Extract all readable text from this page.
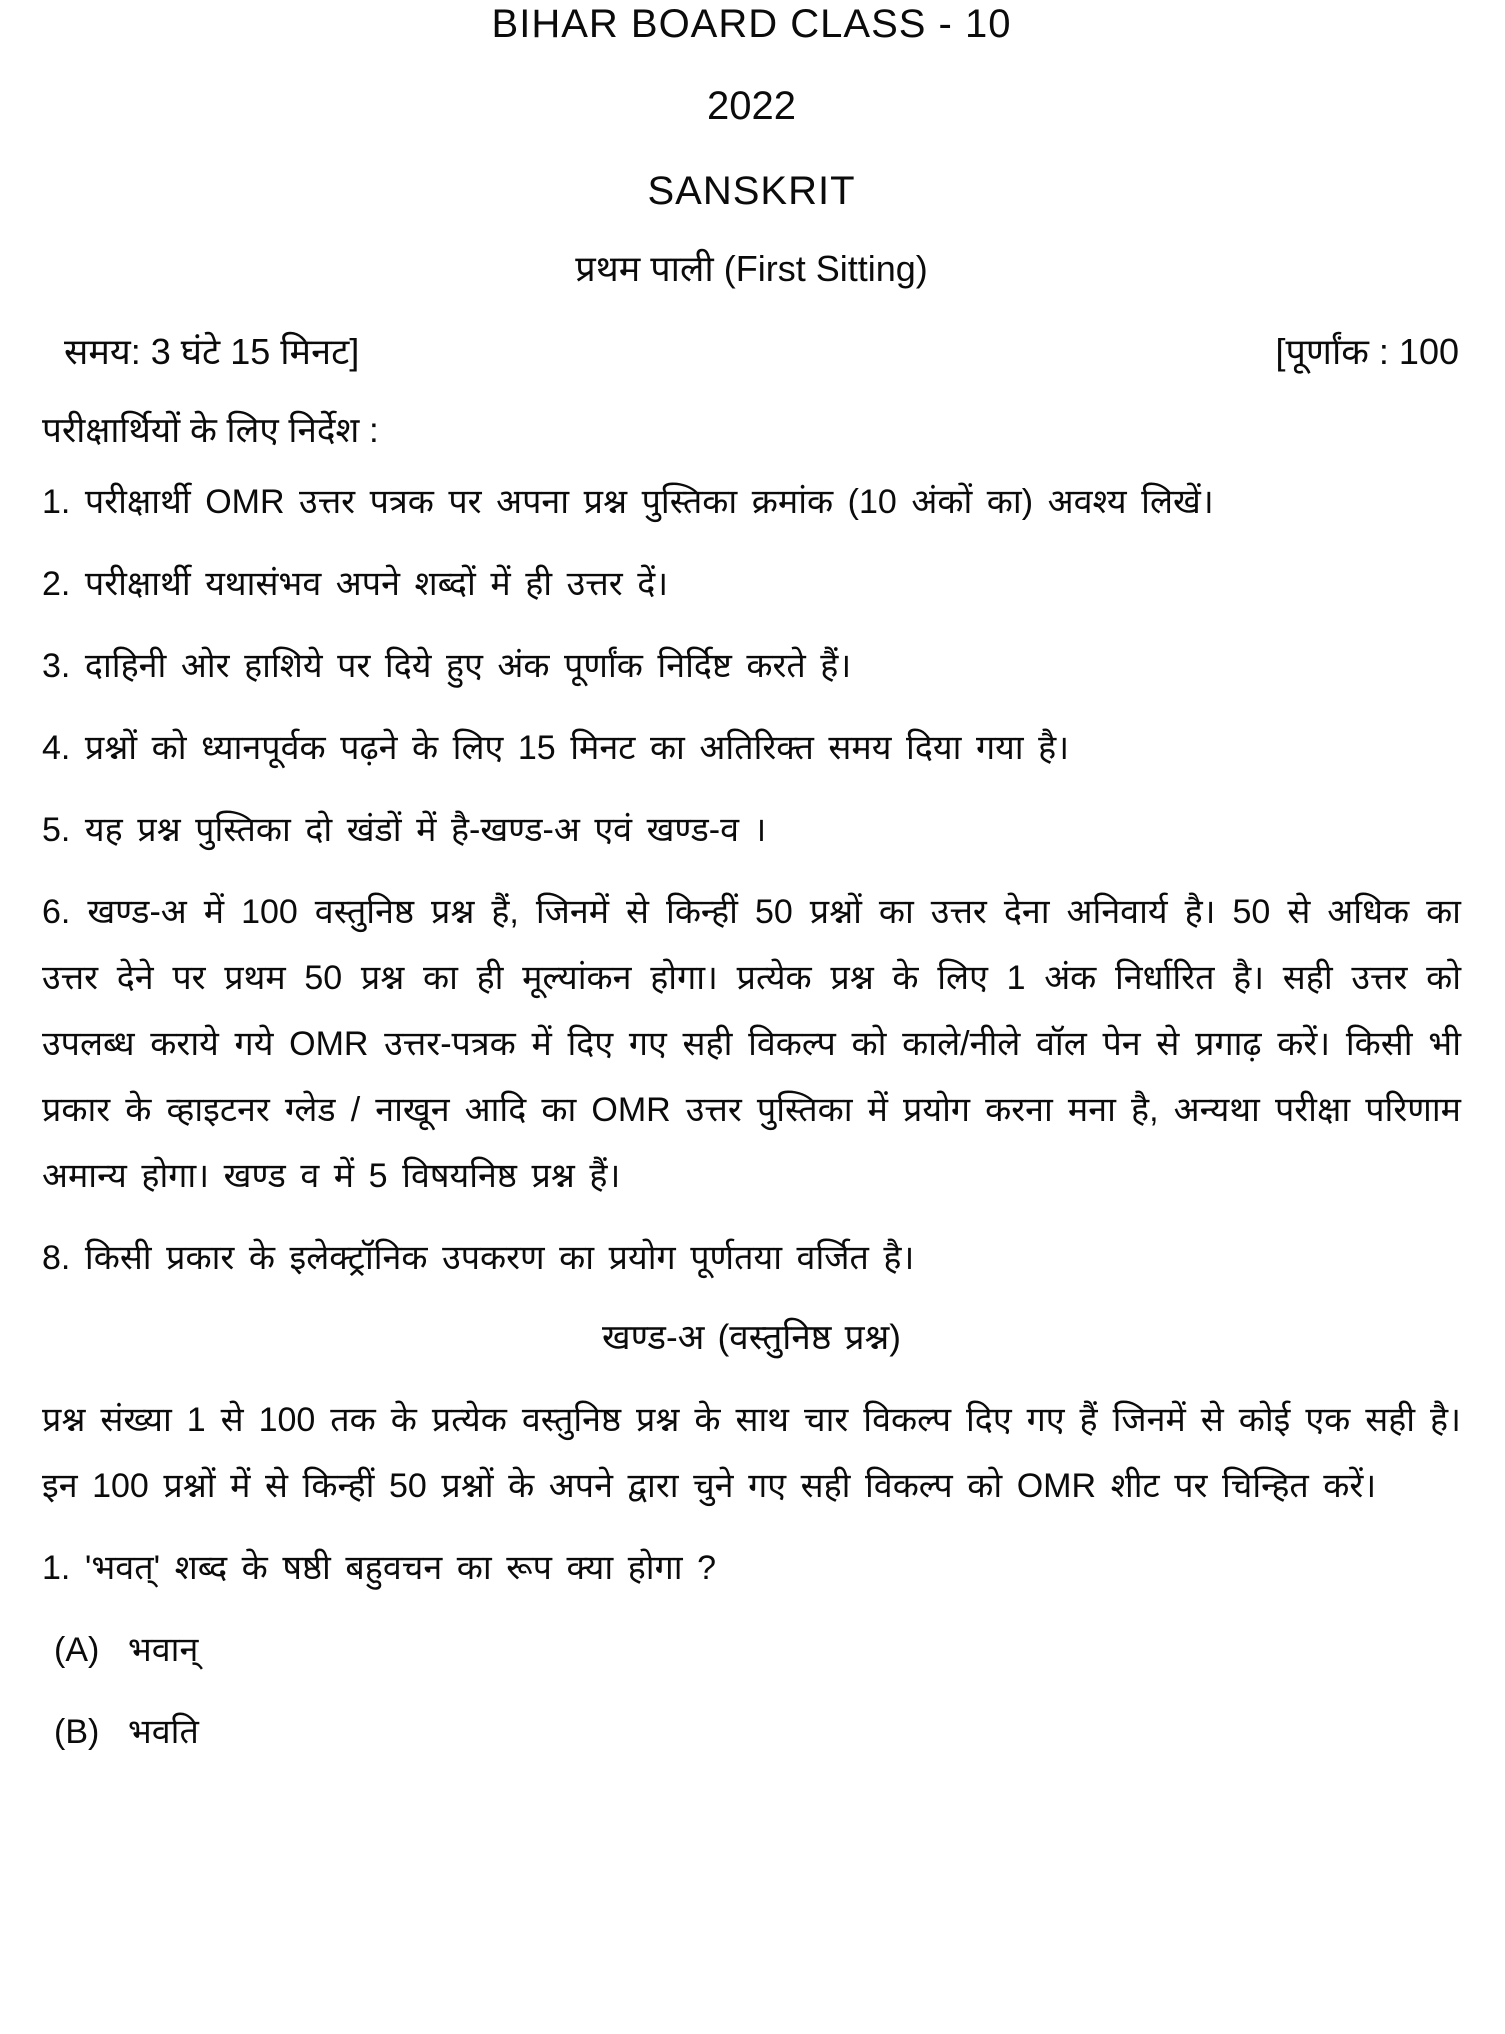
BIHAR BOARD CLASS - 10
2022
SANSKRIT
प्रथम पाली (First Sitting)
समय: 3 घंटे 15 मिनट]	[पूर्णांक : 100
परीक्षार्थियों के लिए निर्देश :

1. परीक्षार्थी OMR उत्तर पत्रक पर अपना प्रश्न पुस्तिका क्रमांक (10 अंकों का) अवश्य लिखें।

2. परीक्षार्थी यथासंभव अपने शब्दों में ही उत्तर दें।

3. दाहिनी ओर हाशिये पर दिये हुए अंक पूर्णांक निर्दिष्ट करते हैं।

4. प्रश्नों को ध्यानपूर्वक पढ़ने के लिए 15 मिनट का अतिरिक्त समय दिया गया है।

5. यह प्रश्न पुस्तिका दो खंडों में है-खण्ड-अ एवं खण्ड-व ।

6. खण्ड-अ में 100 वस्तुनिष्ठ प्रश्न हैं, जिनमें से किन्हीं 50 प्रश्नों का उत्तर देना अनिवार्य है। 50 से अधिक का उत्तर देने पर प्रथम 50 प्रश्न का ही मूल्यांकन होगा। प्रत्येक प्रश्न के लिए 1 अंक निर्धारित है। सही उत्तर को उपलब्ध कराये गये OMR उत्तर-पत्रक में दिए गए सही विकल्प को काले/नीले वॉल पेन से प्रगाढ़ करें। किसी भी प्रकार के व्हाइटनर ग्लेड / नाखून आदि का OMR उत्तर पुस्तिका में प्रयोग करना मना है, अन्यथा परीक्षा परिणाम अमान्य होगा। खण्ड व में 5 विषयनिष्ठ प्रश्न हैं।

8. किसी प्रकार के इलेक्ट्रॉनिक उपकरण का प्रयोग पूर्णतया वर्जित है।

खण्ड-अ (वस्तुनिष्ठ प्रश्न)

प्रश्न संख्या 1 से 100 तक के प्रत्येक वस्तुनिष्ठ प्रश्न के साथ चार विकल्प दिए गए हैं जिनमें से कोई एक सही है। इन 100 प्रश्नों में से किन्हीं 50 प्रश्नों के अपने द्वारा चुने गए सही विकल्प को OMR शीट पर चिन्हित करें।

1. 'भवत्' शब्द के षष्ठी बहुवचन का रूप क्या होगा ?

(A) भवान्

(B) भवति
